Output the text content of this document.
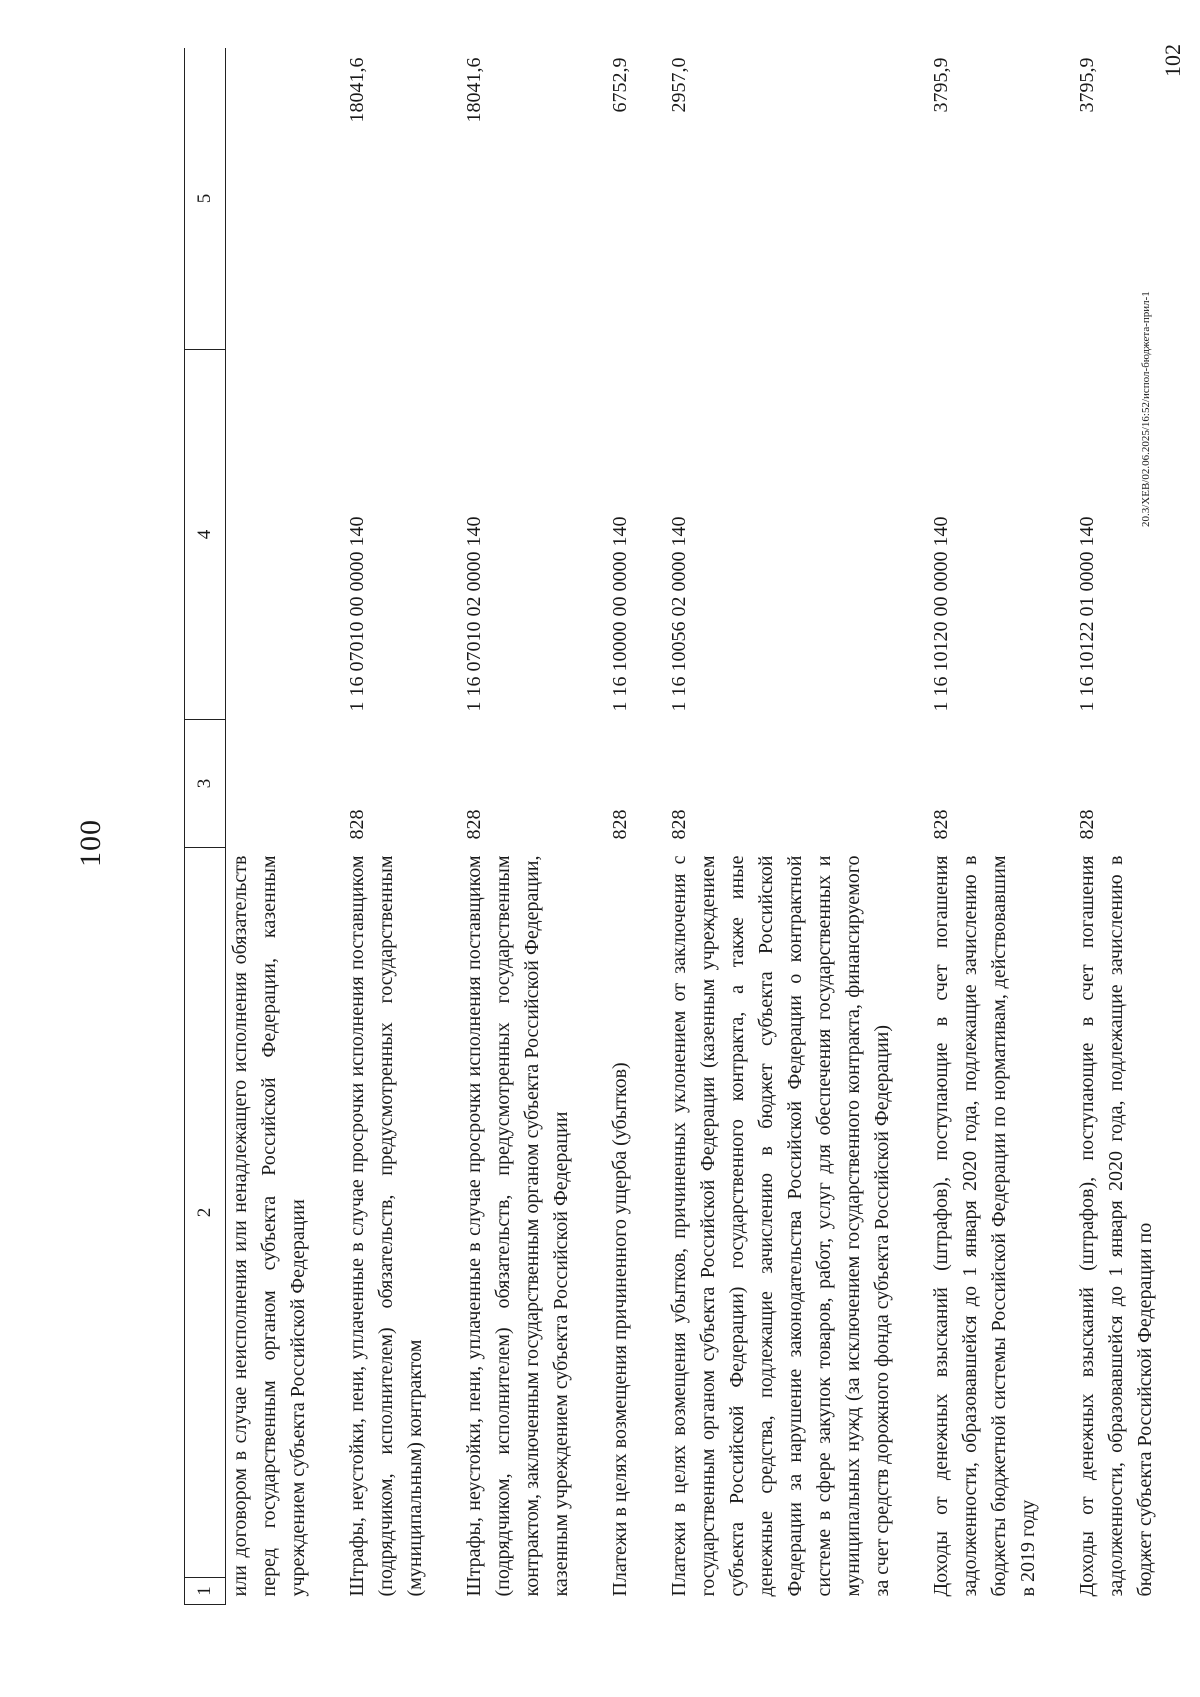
100
1	2	3	4	5
или договором в случае неисполнения или ненадлежащего исполнения обязательств перед государственным органом субъекта Российской Федерации, казенным учреждением субъекта Российской Федерации				
Штрафы, неустойки, пени, уплаченные в случае просрочки исполнения поставщиком (подрядчиком, исполнителем) обязательств, предусмотренных государственным (муниципальным) контрактом		828	1 16 07010 00 0000 140	18041,6
Штрафы, неустойки, пени, уплаченные в случае просрочки исполнения поставщиком (подрядчиком, исполнителем) обязательств, предусмотренных государственным контрактом, заключенным государственным органом субъекта Российской Федерации, казенным учреждением субъекта Российской Федерации		828	1 16 07010 02 0000 140	18041,6
Платежи в целях возмещения причиненного ущерба (убытков)		828	1 16 10000 00 0000 140	6752,9
Платежи в целях возмещения убытков, причиненных уклонением от заключения с государственным органом субъекта Российской Федерации (казенным учреждением субъекта Российской Федерации) государственного контракта, а также иные денежные средства, подлежащие зачислению в бюджет субъекта Российской Федерации за нарушение законодательства Российской Федерации о контрактной системе в сфере закупок товаров, работ, услуг для обеспечения государственных и муниципальных нужд (за исключением государственного контракта, финансируемого за счет средств дорожного фонда субъекта Российской Федерации)		828	1 16 10056 02 0000 140	2957,0
Доходы от денежных взысканий (штрафов), поступающие в счет погашения задолженности, образовавшейся до 1 января 2020 года, подлежащие зачислению в бюджеты бюджетной системы Российской Федерации по нормативам, действовавшим в 2019 году		828	1 16 10120 00 0000 140	3795,9
Доходы от денежных взысканий (штрафов), поступающие в счет погашения задолженности, образовавшейся до 1 января 2020 года, подлежащие зачислению в бюджет субъекта Российской Федерации по		828	1 16 10122 01 0000 140	3795,9
20.3/ХЕВ/02.06.2025/16:52/испол-бюджета-прил-1
102
